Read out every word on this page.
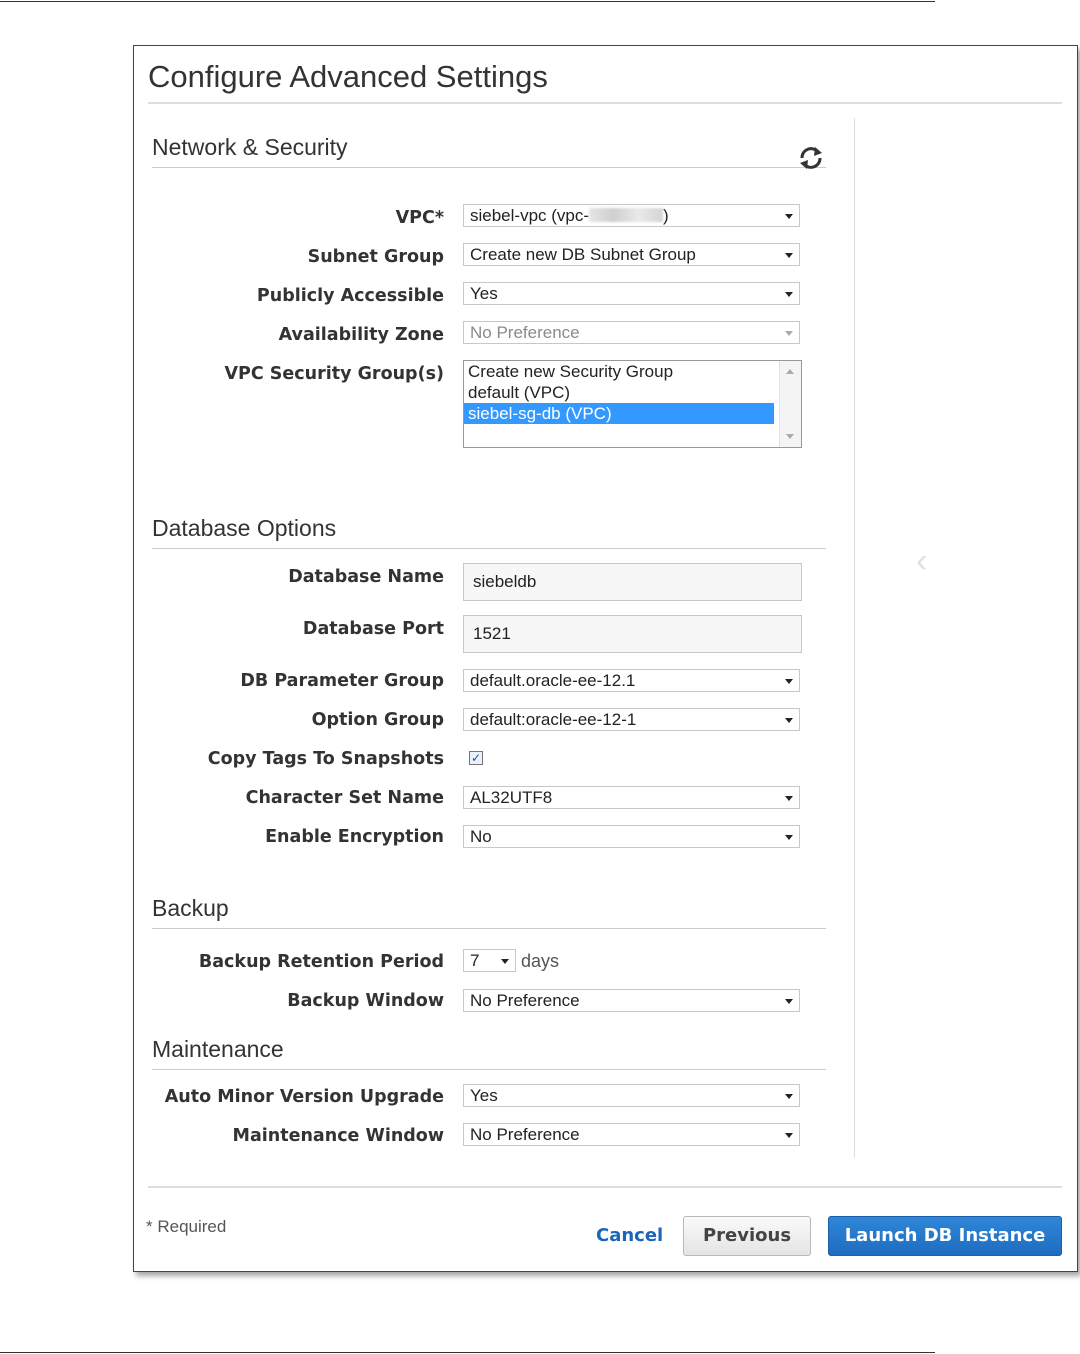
Configure Advanced Settings
‹
Network & Security
VPC*	siebel-vpc (vpc-	)
Subnet Group	Create new DB Subnet Group
Publicly Accessible	Yes
Availability Zone	No Preference
VPC Security Group(s) Create new Security Group
default (VPC)
siebel-sg-db (VPC)
Database Options
Database Name	siebeldb
Database Port	1521
DB Parameter Group	default.oracle-ee-12.1
Option Group	default:oracle-ee-12-1
Copy Tags To Snapshots ✓
Character Set Name	AL32UTF8
Enable Encryption	No
Backup
Backup Retention Period	7	days
Backup Window	No Preference
Maintenance
Auto Minor Version Upgrade	Yes
Maintenance Window	No Preference
* Required	Cancel	Previous	Launch DB Instance
